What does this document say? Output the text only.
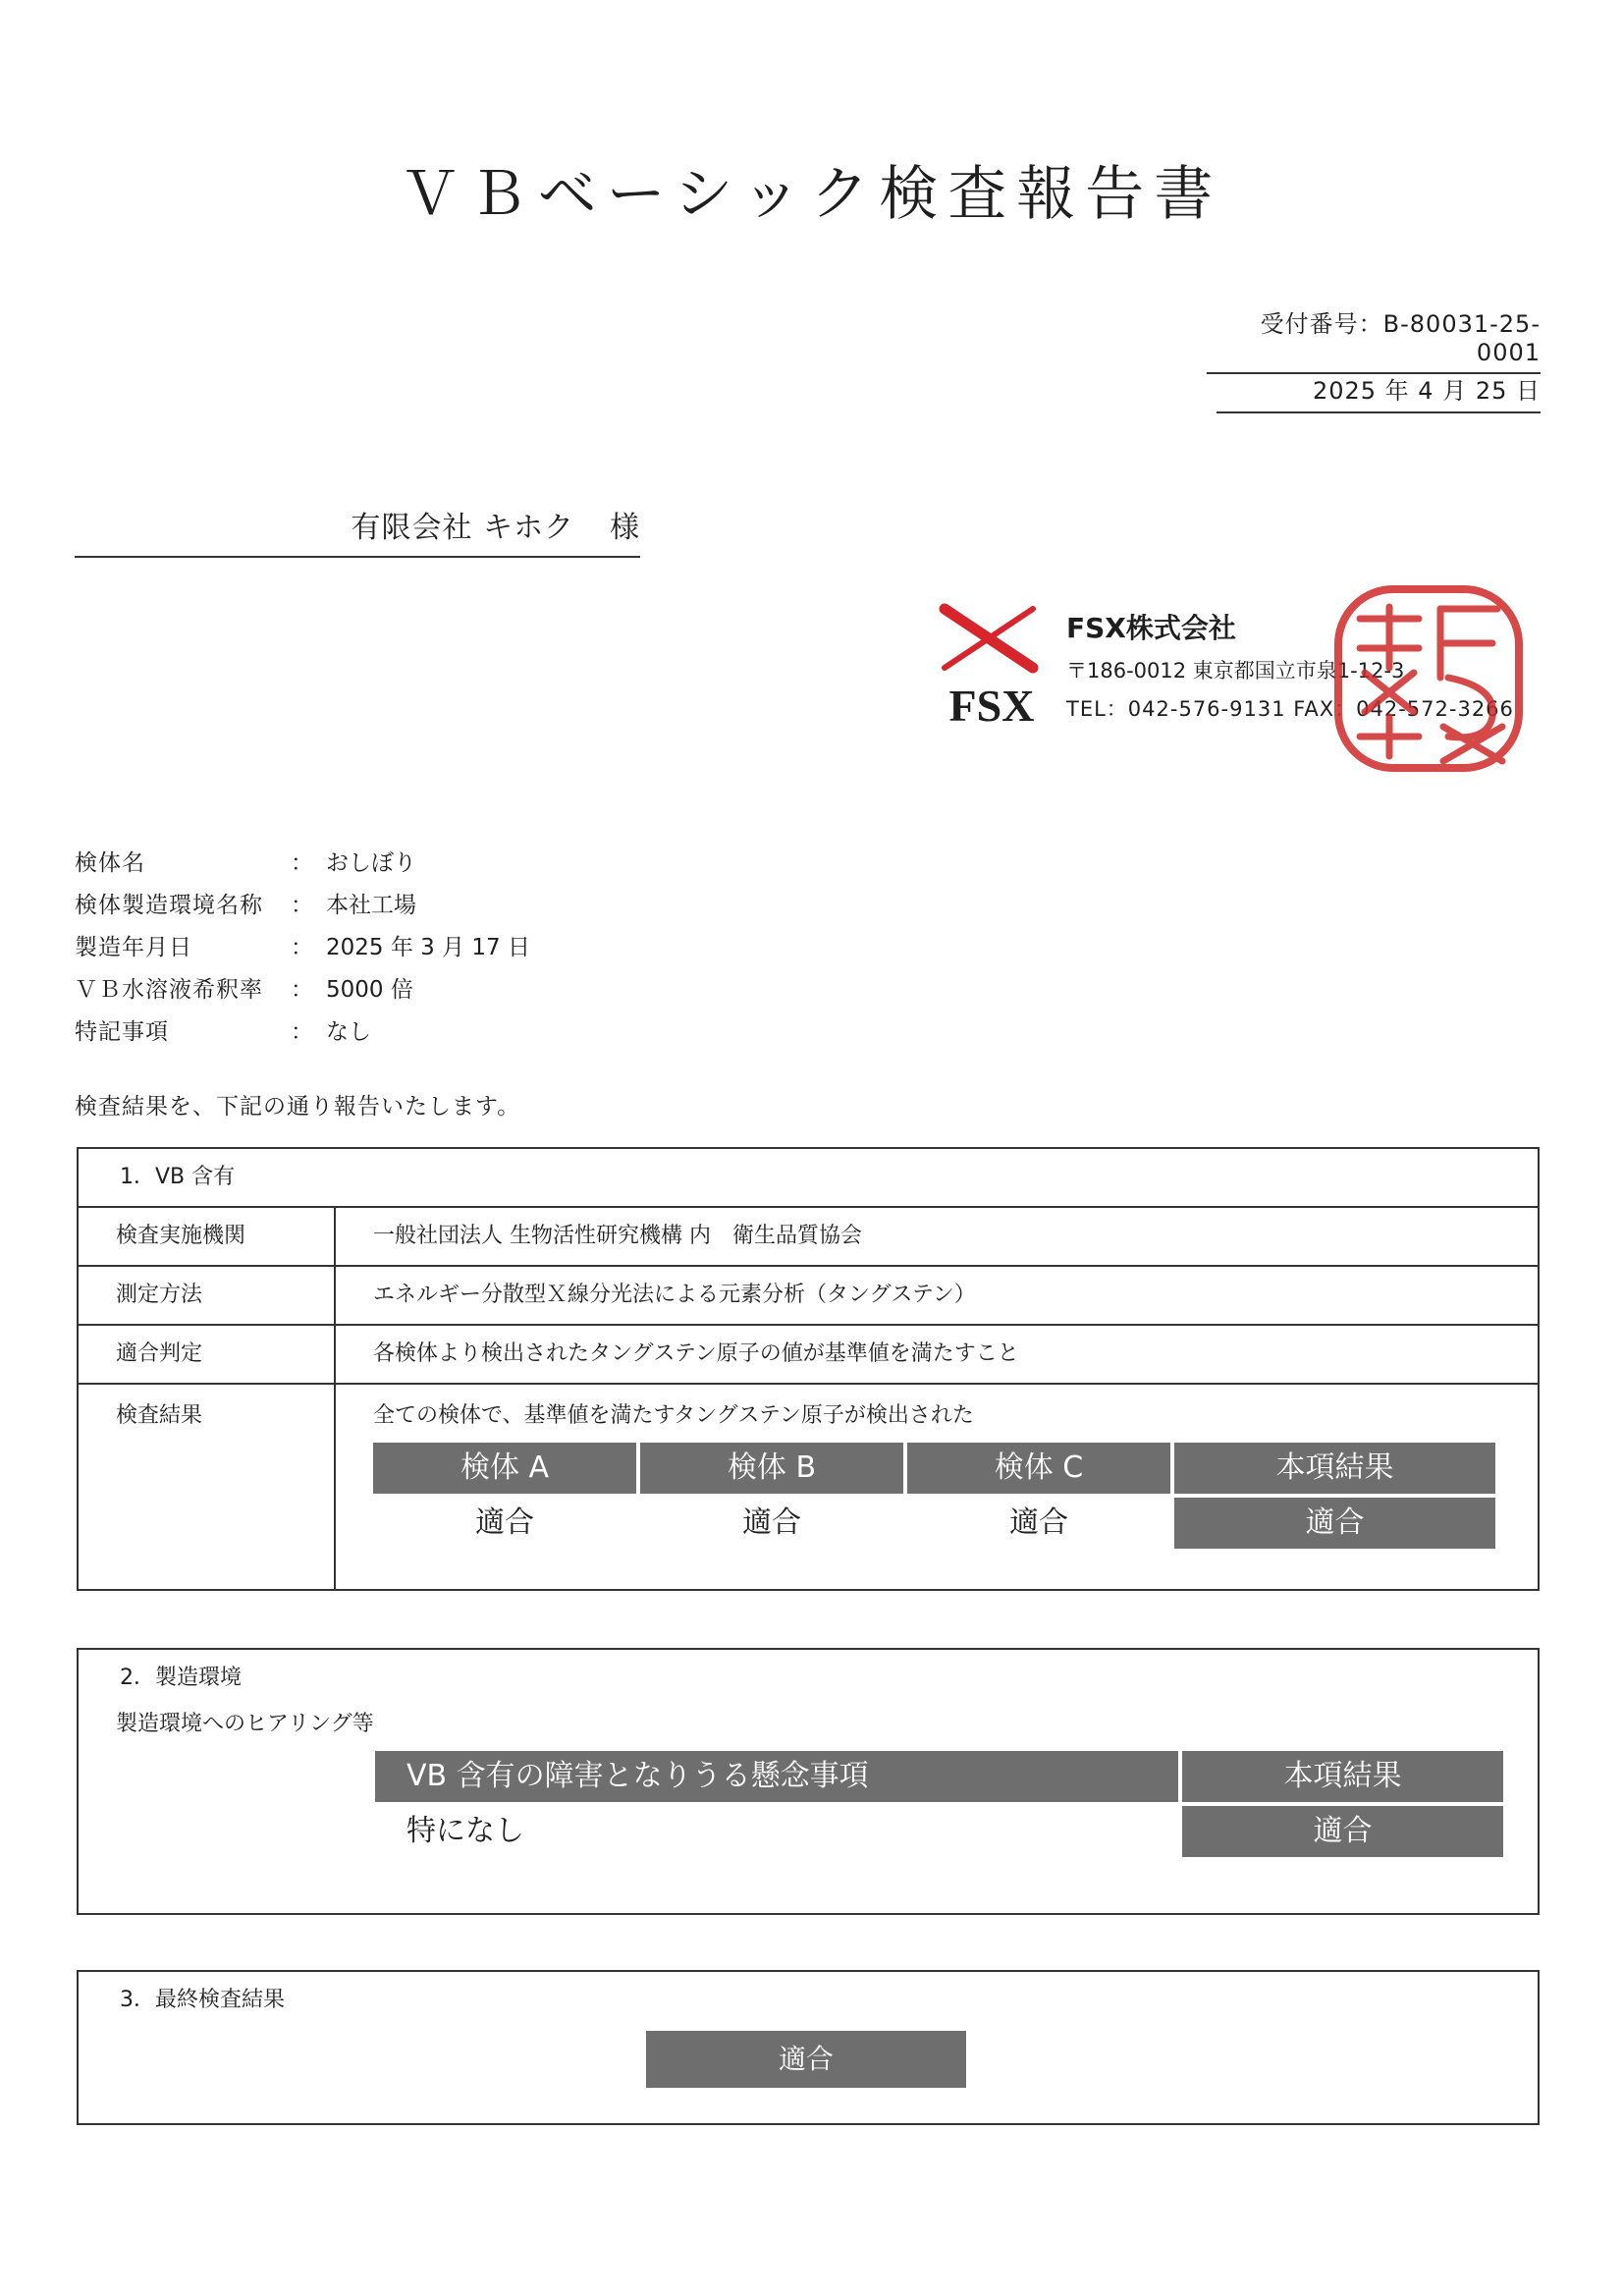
ＶＢベーシック検査報告書
受付番号：B-80031-25-0001
2025 年 4 月 25 日
有限会社 キホク 様
FSX
FSX株式会社
〒186-0012 東京都国立市泉1-12-3
TEL：042-576-9131 FAX：042-572-3266
検体名	： おしぼり
検体製造環境名称 ： 本社工場
製造年月日	： 2025 年 3 月 17 日
ＶＢ水溶液希釈率 ： 5000 倍
特記事項	： なし
検査結果を、下記の通り報告いたします。
1．VB 含有
検査実施機関	一般社団法人 生物活性研究機構 内　衛生品質協会
測定方法	エネルギー分散型Ｘ線分光法による元素分析（タングステン）
適合判定	各検体より検出されたタングステン原子の値が基準値を満たすこと
検査結果	全ての検体で、基準値を満たすタングステン原子が検出された
検体 A	検体 B	検体 C	本項結果
適合	適合	適合	適合
2．製造環境
製造環境へのヒアリング等
VB 含有の障害となりうる懸念事項	本項結果
特になし	適合
3．最終検査結果
適合
